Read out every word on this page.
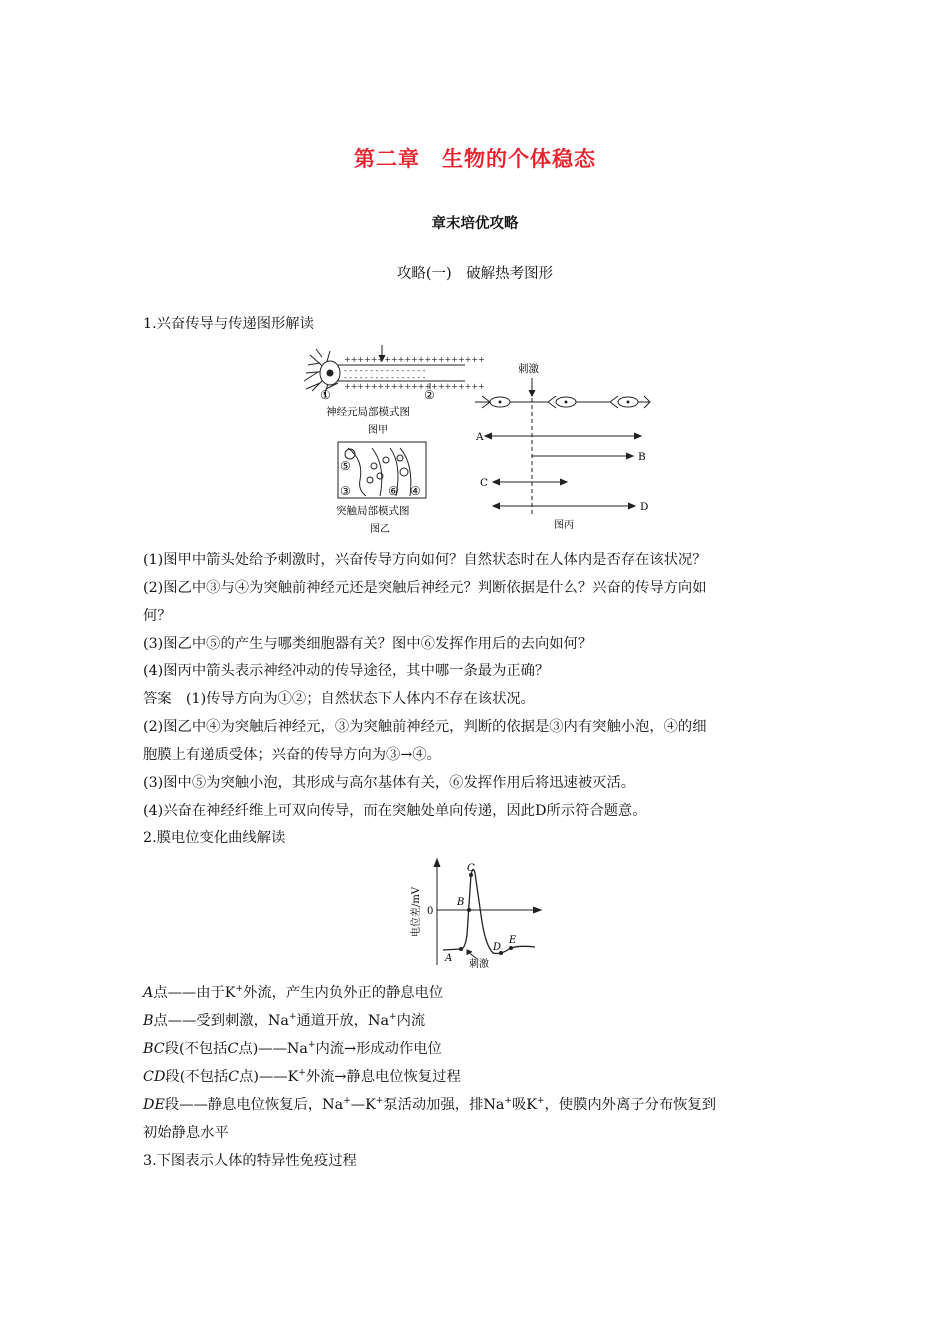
第二章　生物的个体稳态
章末培优攻略
攻略(一)　破解热考图形
1.兴奋传导与传递图形解读
+++++++++++++++++++++
- - - - - - - - - - - - - - - -
- - - - - - - - - - - - - - - -
+++++++++++++++++++++
①	②
神经元局部模式图
图甲
⑤
③	⑥ ④
突触局部模式图
图乙
刺激
A
B
C
D
图丙
(1)图甲中箭头处给予刺激时，兴奋传导方向如何？自然状态时在人体内是否存在该状况？
(2)图乙中③与④为突触前神经元还是突触后神经元？判断依据是什么？兴奋的传导方向如
何？
(3)图乙中⑤的产生与哪类细胞器有关？图中⑥发挥作用后的去向如何？
(4)图丙中箭头表示神经冲动的传导途径，其中哪一条最为正确？
答案　(1)传导方向为①②；自然状态下人体内不存在该状况。
(2)图乙中④为突触后神经元，③为突触前神经元，判断的依据是③内有突触小泡，④的细
胞膜上有递质受体；兴奋的传导方向为③→④。
(3)图中⑤为突触小泡，其形成与高尔基体有关，⑥发挥作用后将迅速被灭活。
(4)兴奋在神经纤维上可双向传导，而在突触处单向传递，因此D所示符合题意。
2.膜电位变化曲线解读
电位差/mV 0
A
B
C
D
E
刺激
A点——由于K+外流，产生内负外正的静息电位
B点——受到刺激，Na+通道开放，Na+内流
BC段(不包括C点)——Na+内流→形成动作电位
CD段(不包括C点)——K+外流→静息电位恢复过程
DE段——静息电位恢复后，Na+—K+泵活动加强，排Na+吸K+，使膜内外离子分布恢复到
初始静息水平
3.下图表示人体的特异性免疫过程
